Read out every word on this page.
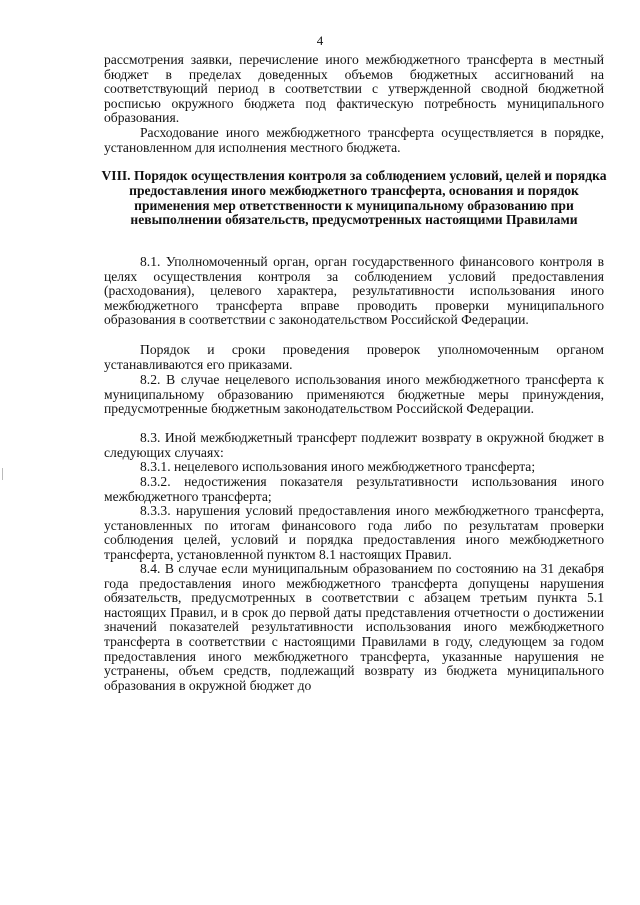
4

рассмотрения заявки, перечисление иного межбюджетного трансферта в местный бюджет в пределах доведенных объемов бюджетных ассигнований на соответствующий период в соответствии с утвержденной сводной бюджетной росписью окружного бюджета под фактическую потребность муниципального образования.

Расходование иного межбюджетного трансферта осуществляется в порядке, установленном для исполнения местного бюджета.

VIII. Порядок осуществления контроля за соблюдением условий, целей и порядка предоставления иного межбюджетного трансферта, основания и порядок применения мер ответственности к муниципальному образованию при невыполнении обязательств, предусмотренных настоящими Правилами

8.1. Уполномоченный орган, орган государственного финансового контроля в целях осуществления контроля за соблюдением условий предоставления (расходования), целевого характера, результативности использования иного межбюджетного трансферта вправе проводить проверки муниципального образования в соответствии с законодательством Российской Федерации.

Порядок и сроки проведения проверок уполномоченным органом устанавливаются его приказами.

8.2. В случае нецелевого использования иного межбюджетного трансферта к муниципальному образованию применяются бюджетные меры принуждения, предусмотренные бюджетным законодательством Российской Федерации.

8.3. Иной межбюджетный трансферт подлежит возврату в окружной бюджет в следующих случаях:

8.3.1. нецелевого использования иного межбюджетного трансферта;

8.3.2. недостижения показателя результативности использования иного межбюджетного трансферта;

8.3.3. нарушения условий предоставления иного межбюджетного трансферта, установленных по итогам финансового года либо по результатам проверки соблюдения целей, условий и порядка предоставления иного межбюджетного трансферта, установленной пунктом 8.1 настоящих Правил.

8.4. В случае если муниципальным образованием по состоянию на 31 декабря года предоставления иного межбюджетного трансферта допущены нарушения обязательств, предусмотренных в соответствии с абзацем третьим пункта 5.1 настоящих Правил, и в срок до первой даты представления отчетности о достижении значений показателей результативности использования иного межбюджетного трансферта в соответствии с настоящими Правилами в году, следующем за годом предоставления иного межбюджетного трансферта, указанные нарушения не устранены, объем средств, подлежащий возврату из бюджета муниципального образования в окружной бюджет до
